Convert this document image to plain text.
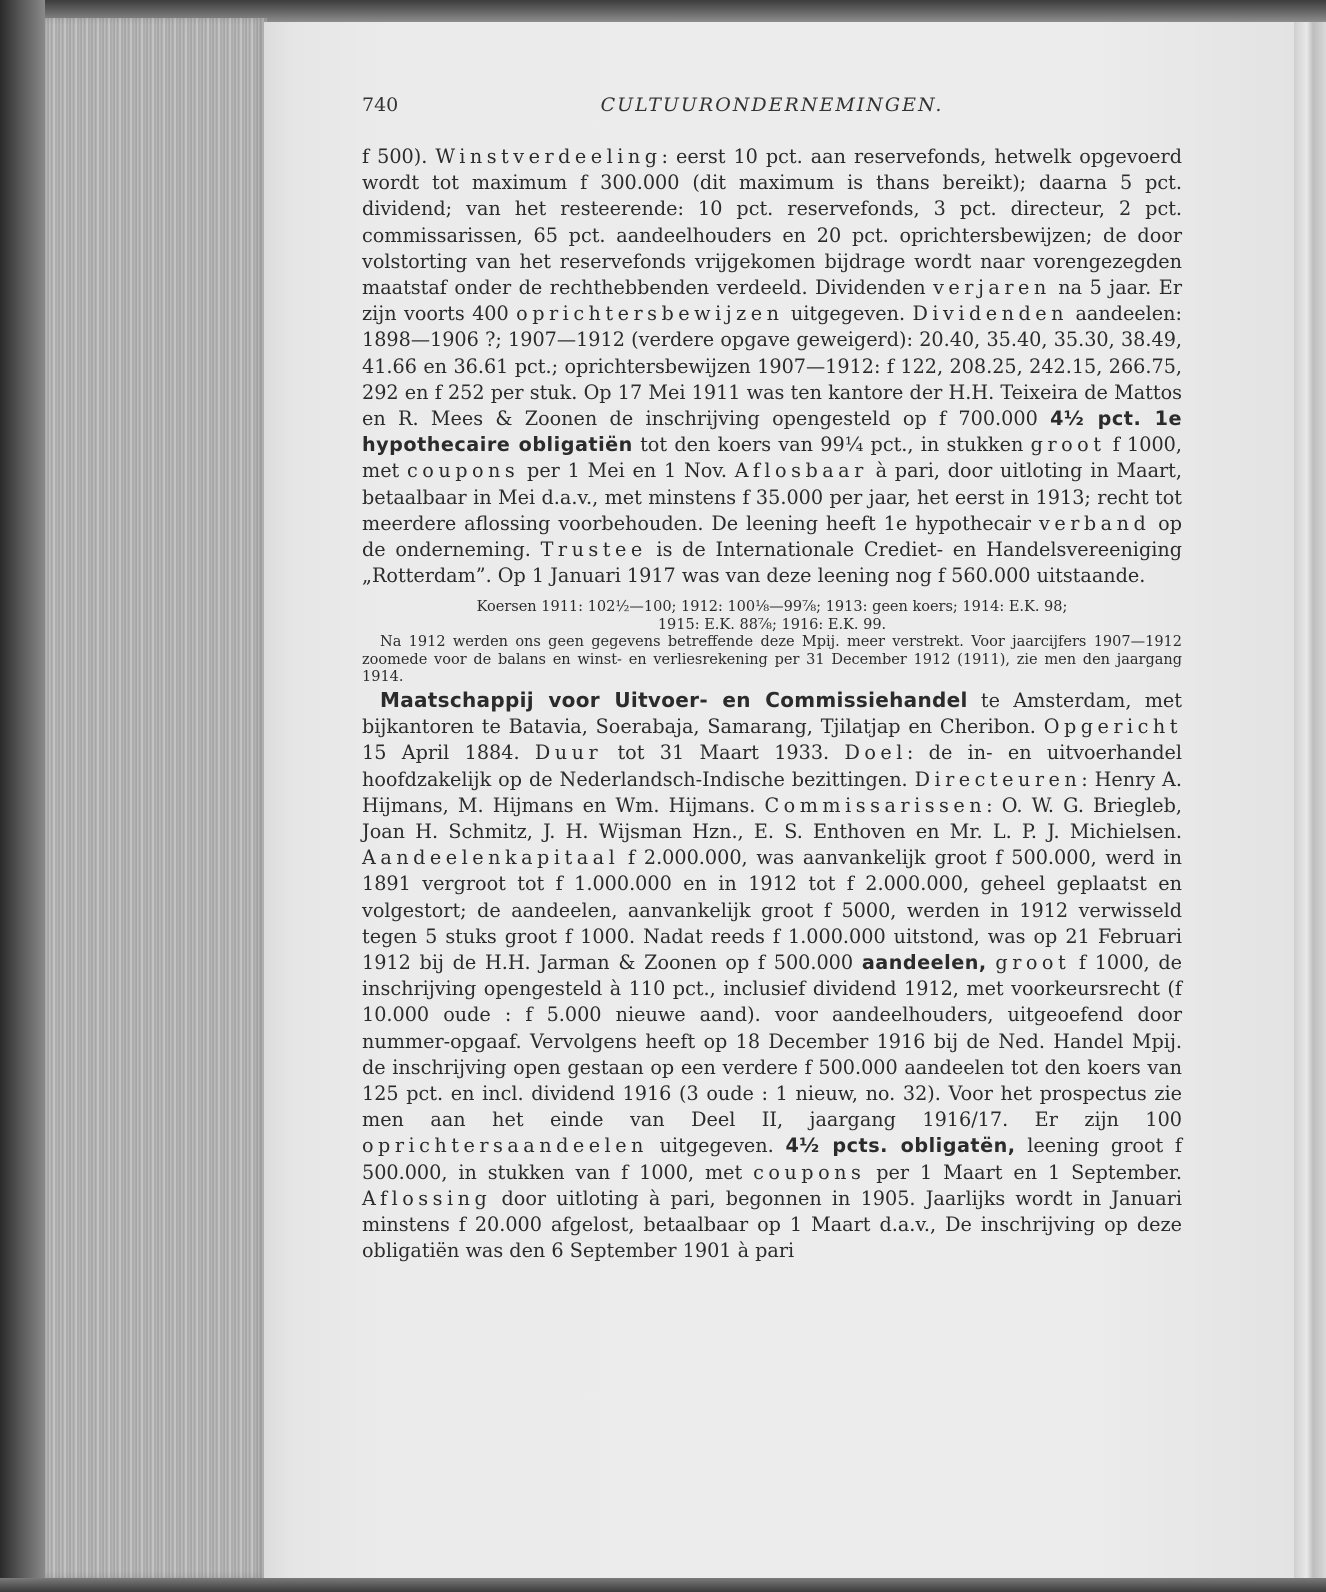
740	CULTUURONDERNEMINGEN.

f 500). Winstverdeeling: eerst 10 pct. aan reservefonds, hetwelk opgevoerd wordt tot maximum f 300.000 (dit maximum is thans bereikt); daarna 5 pct. dividend; van het resteerende: 10 pct. reservefonds, 3 pct. directeur, 2 pct. commissarissen, 65 pct. aandeelhouders en 20 pct. oprichtersbewijzen; de door volstorting van het reservefonds vrijgekomen bijdrage wordt naar vorengezegden maatstaf onder de rechthebbenden verdeeld. Dividenden verjaren na 5 jaar. Er zijn voorts 400 oprichtersbewijzen uitgegeven. Dividenden aandeelen: 1898—1906 ?; 1907—1912 (verdere opgave geweigerd): 20.40, 35.40, 35.30, 38.49, 41.66 en 36.61 pct.; oprichtersbewijzen 1907—1912: f 122, 208.25, 242.15, 266.75, 292 en f 252 per stuk. Op 17 Mei 1911 was ten kantore der H.H. Teixeira de Mattos en R. Mees & Zoonen de inschrijving opengesteld op f 700.000 4½ pct. 1e hypothecaire obligatiën tot den koers van 99¼ pct., in stukken groot f 1000, met coupons per 1 Mei en 1 Nov. Aflosbaar à pari, door uitloting in Maart, betaalbaar in Mei d.a.v., met minstens f 35.000 per jaar, het eerst in 1913; recht tot meerdere aflossing voorbehouden. De leening heeft 1e hypothecair verband op de onderneming. Trustee is de Internationale Crediet- en Handelsvereeniging „Rotterdam”. Op 1 Januari 1917 was van deze leening nog f 560.000 uitstaande.

Koersen 1911: 102½—100; 1912: 100⅛—99⅞; 1913: geen koers; 1914: E.K. 98;
1915: E.K. 88⅞; 1916: E.K. 99.

Na 1912 werden ons geen gegevens betreffende deze Mpij. meer verstrekt. Voor jaarcijfers 1907—1912 zoomede voor de balans en winst- en verliesrekening per 31 December 1912 (1911), zie men den jaargang 1914.

Maatschappij voor Uitvoer- en Commissiehandel te Amsterdam, met bijkantoren te Batavia, Soerabaja, Samarang, Tjilatjap en Cheribon. Opgericht 15 April 1884. Duur tot 31 Maart 1933. Doel: de in- en uitvoerhandel hoofdzakelijk op de Nederlandsch-Indische bezittingen. Directeuren: Henry A. Hijmans, M. Hijmans en Wm. Hijmans. Commissarissen: O. W. G. Briegleb, Joan H. Schmitz, J. H. Wijsman Hzn., E. S. Enthoven en Mr. L. P. J. Michielsen. Aandeelenkapitaal f 2.000.000, was aanvankelijk groot f 500.000, werd in 1891 vergroot tot f 1.000.000 en in 1912 tot f 2.000.000, geheel geplaatst en volgestort; de aandeelen, aanvankelijk groot f 5000, werden in 1912 verwisseld tegen 5 stuks groot f 1000. Nadat reeds f 1.000.000 uitstond, was op 21 Februari 1912 bij de H.H. Jarman & Zoonen op f 500.000 aandeelen, groot f 1000, de inschrijving opengesteld à 110 pct., inclusief dividend 1912, met voorkeursrecht (f 10.000 oude : f 5.000 nieuwe aand). voor aandeelhouders, uitgeoefend door nummer-opgaaf. Vervolgens heeft op 18 December 1916 bij de Ned. Handel Mpij. de inschrijving open gestaan op een verdere f 500.000 aandeelen tot den koers van 125 pct. en incl. dividend 1916 (3 oude : 1 nieuw, no. 32). Voor het prospectus zie men aan het einde van Deel II, jaargang 1916/17. Er zijn 100 oprichtersaandeelen uitgegeven. 4½ pcts. obligatën, leening groot f 500.000, in stukken van f 1000, met coupons per 1 Maart en 1 September. Aflossing door uitloting à pari, begonnen in 1905. Jaarlijks wordt in Januari minstens f 20.000 afgelost, betaalbaar op 1 Maart d.a.v., De inschrijving op deze obligatiën was den 6 September 1901 à pari
